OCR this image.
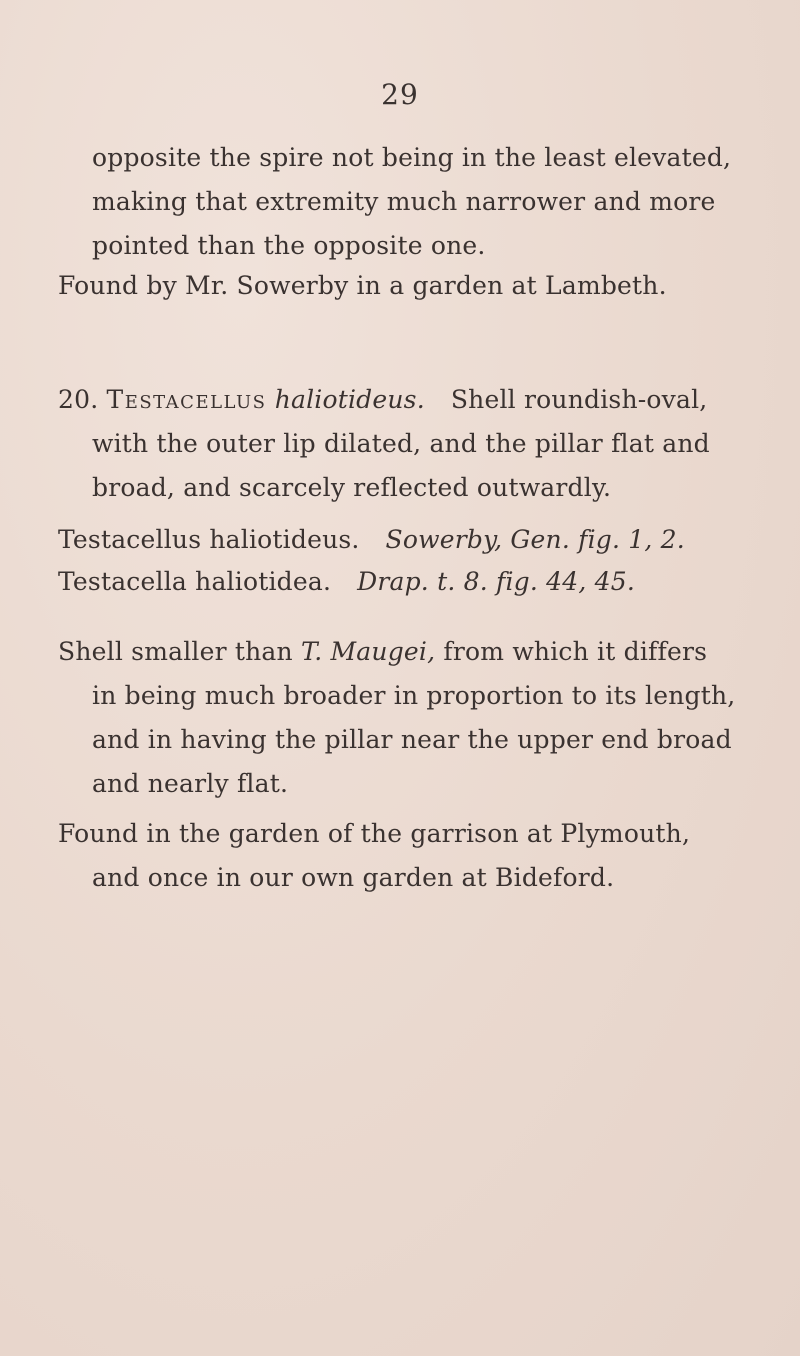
29
opposite the spire not being in the least elevated,
making that extremity much narrower and more
pointed than the opposite one.
Found by Mr. Sowerby in a garden at Lambeth.
20. Testacellus haliotideus. Shell roundish-oval,
with the outer lip dilated, and the pillar flat and
broad, and scarcely reflected outwardly.
Testacellus haliotideus. Sowerby, Gen. fig. 1, 2.
Testacella haliotidea. Drap. t. 8. fig. 44, 45.
Shell smaller than T. Maugei, from which it differs
in being much broader in proportion to its length,
and in having the pillar near the upper end broad
and nearly flat.
Found in the garden of the garrison at Plymouth,
and once in our own garden at Bideford.
